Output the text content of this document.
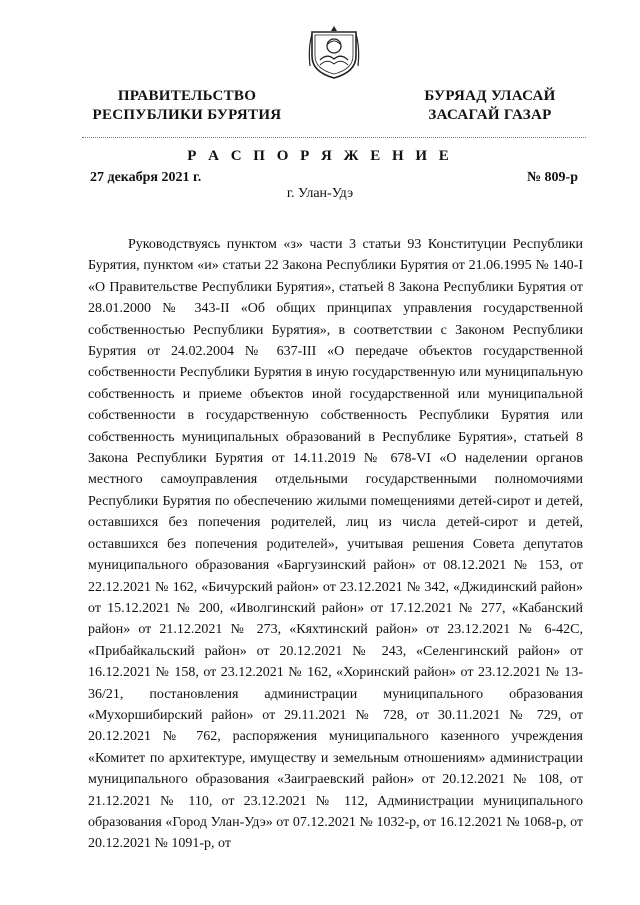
ПРАВИТЕЛЬСТВО
РЕСПУБЛИКИ БУРЯТИЯ
БУРЯАД УЛАСАЙ
ЗАСАГАЙ ГАЗАР
Р А С П О Р Я Ж Е Н И Е
27 декабря 2021 г.	№ 809-р
г. Улан-Удэ

Руководствуясь пунктом «з» части 3 статьи 93 Конституции Республики Бурятия, пунктом «и» статьи 22 Закона Республики Бурятия от 21.06.1995 № 140-I «О Правительстве Республики Бурятия», статьей 8 Закона Республики Бурятия от 28.01.2000 № 343-II «Об общих принципах управления государственной собственностью Республики Бурятия», в соответствии с Законом Республики Бурятия от 24.02.2004 № 637-III «О передаче объектов государственной собственности Республики Бурятия в иную государственную или муниципальную собственность и приеме объектов иной государственной или муниципальной собственности в государственную собственность Республики Бурятия или собственность муниципальных образований в Республике Бурятия», статьей 8 Закона Республики Бурятия от 14.11.2019 № 678-VI «О наделении органов местного самоуправления отдельными государственными полномочиями Республики Бурятия по обеспечению жилыми помещениями детей-сирот и детей, оставшихся без попечения родителей, лиц из числа детей-сирот и детей, оставшихся без попечения родителей», учитывая решения Совета депутатов муниципального образования «Баргузинский район» от 08.12.2021 № 153, от 22.12.2021 № 162, «Бичурский район» от 23.12.2021 № 342, «Джидинский район» от 15.12.2021 № 200, «Иволгинский район» от 17.12.2021 № 277, «Кабанский район» от 21.12.2021 № 273, «Кяхтинский район» от 23.12.2021 № 6-42С, «Прибайкальский район» от 20.12.2021 № 243, «Селенгинский район» от 16.12.2021 № 158, от 23.12.2021 № 162, «Хоринский район» от 23.12.2021 № 13-36/21, постановления администрации муниципального образования «Мухоршибирский район» от 29.11.2021 № 728, от 30.11.2021 № 729, от 20.12.2021 № 762, распоряжения муниципального казенного учреждения «Комитет по архитектуре, имуществу и земельным отношениям» администрации муниципального образования «Заиграевский район» от 20.12.2021 № 108, от 21.12.2021 № 110, от 23.12.2021 № 112, Администрации муниципального образования «Город Улан-Удэ» от 07.12.2021 № 1032-р, от 16.12.2021 № 1068-р, от 20.12.2021 № 1091-р, от
